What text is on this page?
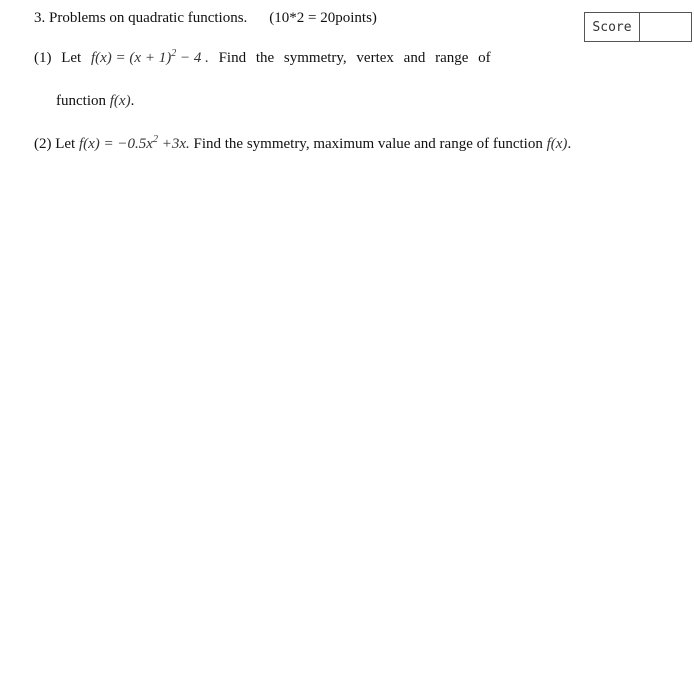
3. Problems on quadratic functions. (10*2 = 20points)
Score
(1) Let $f(x) = (x + 1)^2 - 4$ . Find the symmetry, vertex and range of
function f(x).
(2) Let $f(x) = -0.5x^2 +3x$. Find the symmetry, maximum value and range of function f(x).
